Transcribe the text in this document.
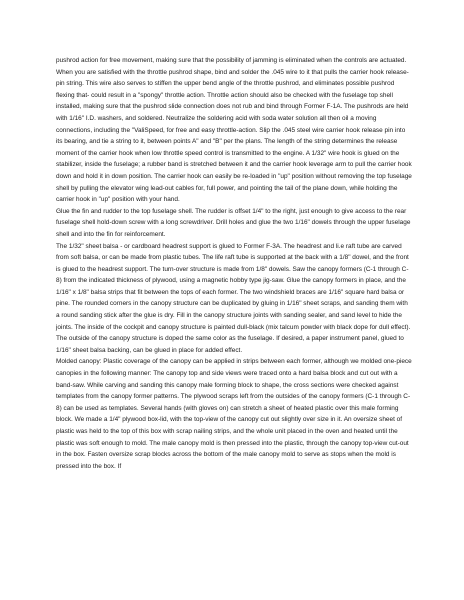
pushrod action for free movement, making sure that the possibility of jamming is eliminated when the controls are actuated. When you are satisfied with the throttle pushrod shape, bind and solder the .045 wire to it that pulls the carrier hook release-pin string. This wire also serves to stiffen the upper bend angle of the throttle pushrod, and eliminates possible pushrod flexing that- could result in a "spongy" throttle action. Throttle action should also be checked with the fuselage top shell installed, making sure that the pushrod slide connection does not rub and bind through Former F-1A. The pushrods are held with 1/16" I.D. washers, and soldered. Neutralize the soldering acid with soda water solution all then oil a moving connections, including the "ValiSpeed, for free and easy throttle-action. Slip the .045 steel wire carrier hook release pin into its bearing, and tie a string to it, between points A" and "B" per the plans. The length of the string determines the release moment of the carrier hook when low throttle speed control is transmitted to the engine. A 1/32" wire hook is glued on the stabilizer, inside the fuselage; a rubber band is stretched between it and the carrier hook leverage arm to pull the carrier hook down and hold it in down position. The carrier hook can easily be re-loaded in "up" position without removing the top fuselage shell by pulling the elevator wing lead-out cables for, full power, and pointing the tail of the plane down, while holding the carrier hook in "up" position with your hand.

Glue the fin and rudder to the top fuselage shell. The rudder is offset 1/4" to the right, just enough to give access to the rear fuselage shell hold-down screw with a long screwdriver. Drill holes and glue the two 1/16" dowels through the upper fuselage shell and into the fin for reinforcement.

The 1/32" sheet balsa - or cardboard headrest support is glued to Former F-3A. The headrest and li.e raft tube are carved from soft balsa, or can be made from plastic tubes. The life raft tube is supported at the back with a 1/8" dowel, and the front is glued to the headrest support. The turn-over structure is made from 1/8" dowels. Saw the canopy formers (C-1 through C-8) from the indicated thickness of plywood, using a magnetic hobby type jig-saw. Glue the canopy formers in place, and the 1/16" x 1/8" balsa strips that fit between the tops of each former. The two windshield braces are 1/16" square hard balsa or pine. The rounded corners in the canopy structure can be duplicated by gluing in 1/16" sheet scraps, and sanding them with a round sanding stick after the glue is dry. Fill in the canopy structure joints with sanding sealer, and sand level to hide the joints. The inside of the cockpit and canopy structure is painted dull-black (mix talcum powder with black dope for dull effect). The outside of the canopy structure is doped the same color as the fuselage. If desired, a paper instrument panel, glued to 1/16" sheet balsa backing, can be glued in place for added effect.

Molded canopy: Plastic coverage of the canopy can be applied in strips between each former, although we molded one-piece canopies in the following manner: The canopy top and side views were traced onto a hard balsa block and cut out with a band-saw. While carving and sanding this canopy male forming block to shape, the cross sections were checked against templates from the canopy former patterns. The plywood scraps left from the outsides of the canopy formers (C-1 through C-8) can be used as templates. Several hands (with gloves on) can stretch a sheet of heated plastic over this male forming block. We made a 1/4" plywood box-lid, with the top-view of the canopy cut out slightly over size in it. An oversize sheet of plastic was held to the top of this box with scrap nailing strips, and the whole unit placed in the oven and heated until the plastic was soft enough to mold. The male canopy mold is then pressed into the plastic, through the canopy top-view cut-out in the box. Fasten oversize scrap blocks across the bottom of the male canopy mold to serve as stops when the mold is pressed into the box. If
